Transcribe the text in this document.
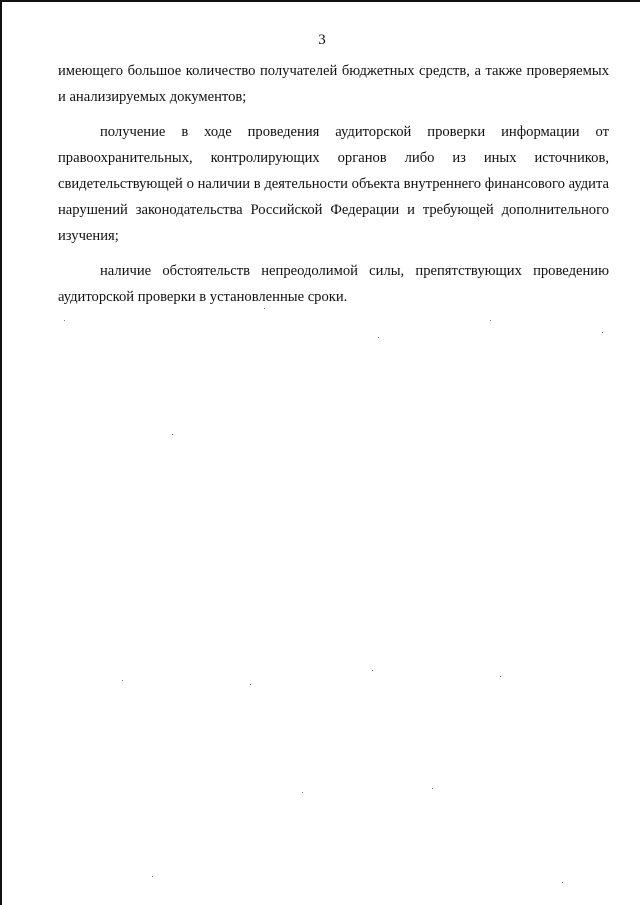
3

имеющего большое количество получателей бюджетных средств, а также проверяемых и анализируемых документов;

получение в ходе проведения аудиторской проверки информации от правоохранительных, контролирующих органов либо из иных источников, свидетельствующей о наличии в деятельности объекта внутреннего финансового аудита нарушений законодательства Российской Федерации и требующей дополнительного изучения;

наличие обстоятельств непреодолимой силы, препятствующих проведению аудиторской проверки в установленные сроки.
